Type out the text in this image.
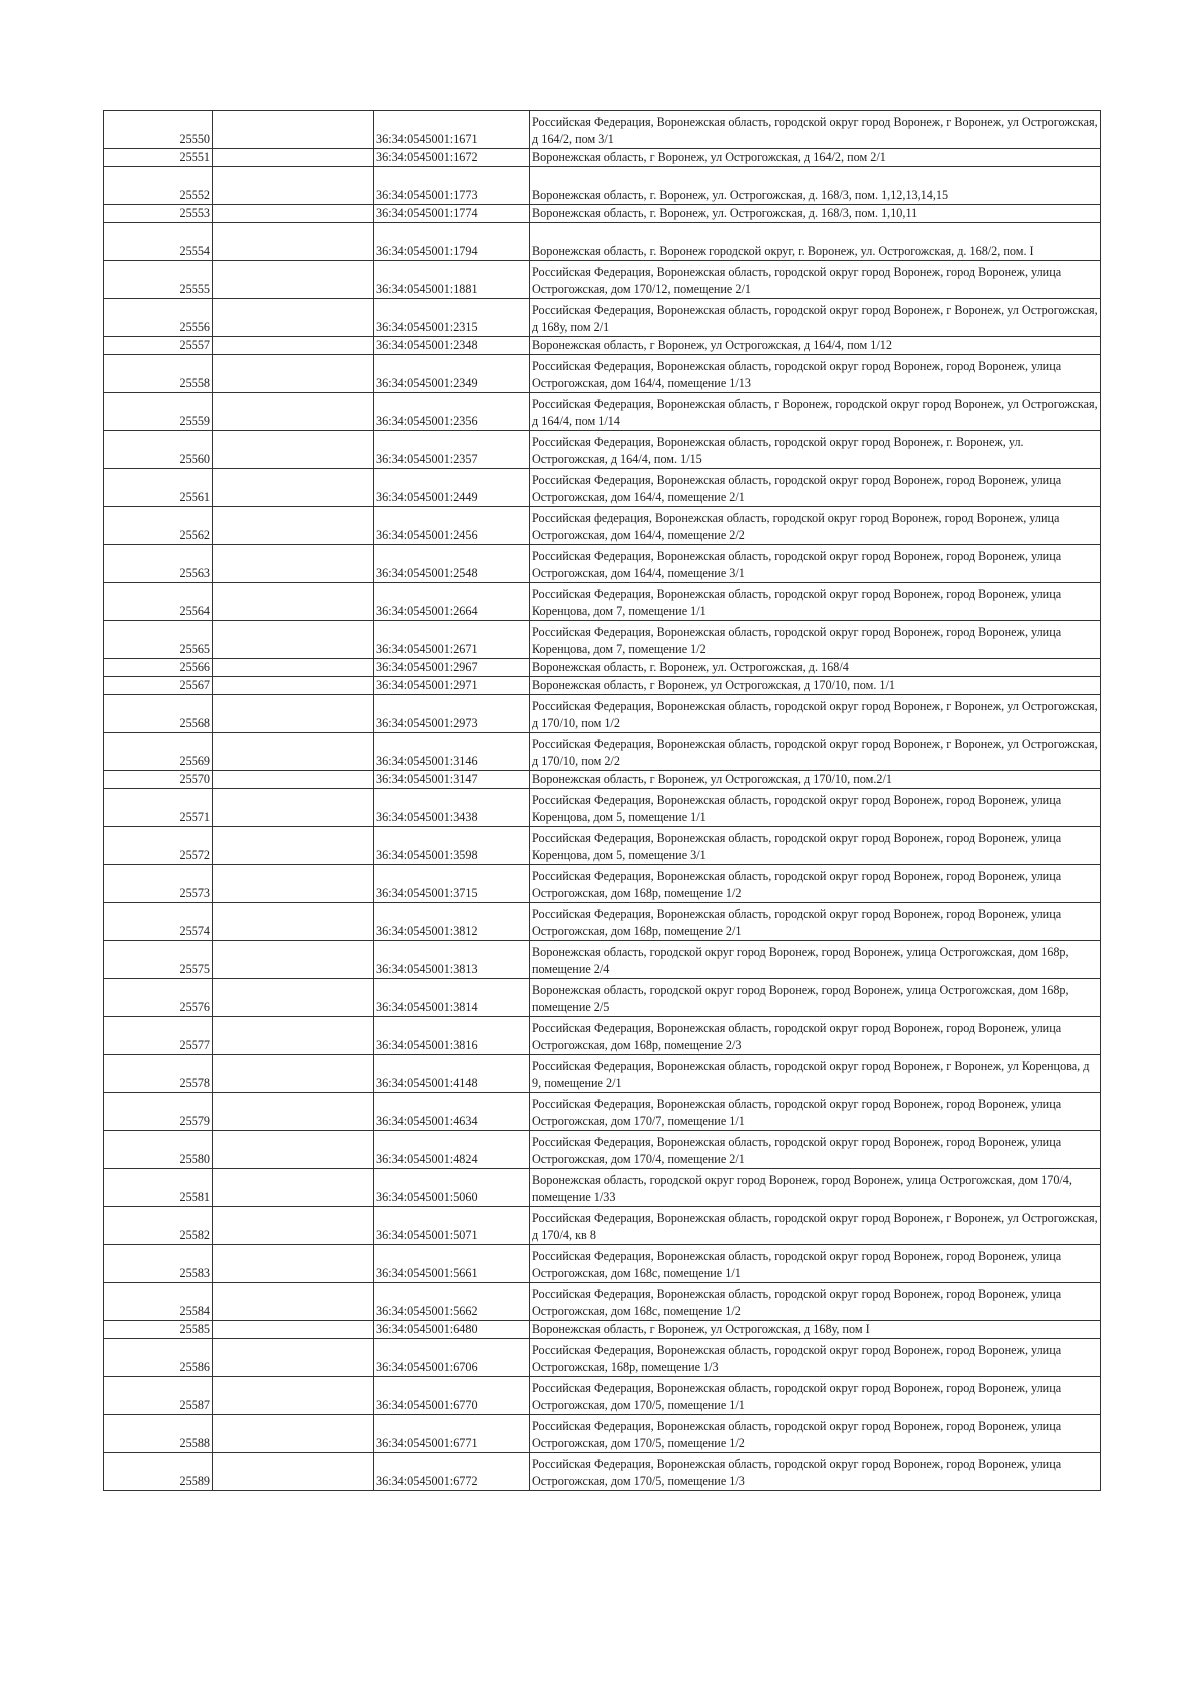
25550		36:34:0545001:1671	Российская Федерация, Воронежская область, городской округ город Воронеж, г Воронеж, ул Острогожская, д 164/2, пом 3/1
25551		36:34:0545001:1672	Воронежская область, г Воронеж, ул Острогожская, д 164/2, пом 2/1
25552		36:34:0545001:1773	Воронежская область, г. Воронеж, ул. Острогожская, д. 168/3, пом. 1,12,13,14,15
25553		36:34:0545001:1774	Воронежская область, г. Воронеж, ул. Острогожская, д. 168/3, пом. 1,10,11
25554		36:34:0545001:1794	Воронежская область, г. Воронеж городской округ, г. Воронеж, ул. Острогожская, д. 168/2, пом. I
25555		36:34:0545001:1881	Российская Федерация, Воронежская область, городской округ город Воронеж, город Воронеж, улица Острогожская, дом 170/12, помещение 2/1
25556		36:34:0545001:2315	Российская Федерация, Воронежская область, городской округ город Воронеж, г Воронеж, ул Острогожская, д 168у, пом 2/1
25557		36:34:0545001:2348	Воронежская область, г Воронеж, ул Острогожская, д 164/4, пом 1/12
25558		36:34:0545001:2349	Российская Федерация, Воронежская область, городской округ город Воронеж, город Воронеж, улица Острогожская, дом 164/4, помещение 1/13
25559		36:34:0545001:2356	Российская Федерация, Воронежская область, г Воронеж, городской округ город Воронеж, ул Острогожская, д 164/4, пом 1/14
25560		36:34:0545001:2357	Российская Федерация, Воронежская область, городской округ город Воронеж, г. Воронеж, ул. Острогожская, д 164/4, пом. 1/15
25561		36:34:0545001:2449	Российская Федерация, Воронежская область, городской округ город Воронеж, город Воронеж, улица Острогожская, дом 164/4, помещение 2/1
25562		36:34:0545001:2456	Российская федерация, Воронежская область, городской округ город Воронеж, город Воронеж, улица Острогожская, дом 164/4, помещение 2/2
25563		36:34:0545001:2548	Российская Федерация, Воронежская область, городской округ город Воронеж, город Воронеж, улица Острогожская, дом 164/4, помещение 3/1
25564		36:34:0545001:2664	Российская Федерация, Воронежская область, городской округ город Воронеж, город Воронеж, улица Коренцова, дом 7, помещение 1/1
25565		36:34:0545001:2671	Российская Федерация, Воронежская область, городской округ город Воронеж, город Воронеж, улица Коренцова, дом 7, помещение 1/2
25566		36:34:0545001:2967	Воронежская область, г. Воронеж, ул. Острогожская, д. 168/4
25567		36:34:0545001:2971	Воронежская область, г Воронеж, ул Острогожская, д 170/10, пом. 1/1
25568		36:34:0545001:2973	Российская Федерация, Воронежская область, городской округ город Воронеж, г Воронеж, ул Острогожская, д 170/10, пом 1/2
25569		36:34:0545001:3146	Российская Федерация, Воронежская область, городской округ город Воронеж, г Воронеж, ул Острогожская, д 170/10, пом 2/2
25570		36:34:0545001:3147	Воронежская область, г Воронеж, ул Острогожская, д 170/10, пом.2/1
25571		36:34:0545001:3438	Российская Федерация, Воронежская область, городской округ город Воронеж, город Воронеж, улица Коренцова, дом 5, помещение 1/1
25572		36:34:0545001:3598	Российская Федерация, Воронежская область, городской округ город Воронеж, город Воронеж, улица Коренцова, дом 5, помещение 3/1
25573		36:34:0545001:3715	Российская Федерация, Воронежская область, городской округ город Воронеж, город Воронеж, улица Острогожская, дом 168р, помещение 1/2
25574		36:34:0545001:3812	Российская Федерация, Воронежская область, городской округ город Воронеж, город Воронеж, улица Острогожская, дом 168р, помещение 2/1
25575		36:34:0545001:3813	Воронежская область, городской округ город Воронеж, город Воронеж, улица Острогожская, дом 168р, помещение 2/4
25576		36:34:0545001:3814	Воронежская область, городской округ город Воронеж, город Воронеж, улица Острогожская, дом 168р, помещение 2/5
25577		36:34:0545001:3816	Российская Федерация, Воронежская область, городской округ город Воронеж, город Воронеж, улица Острогожская, дом 168р, помещение 2/3
25578		36:34:0545001:4148	Российская Федерация, Воронежская область, городской округ город Воронеж, г Воронеж, ул Коренцова, д 9, помещение 2/1
25579		36:34:0545001:4634	Российская Федерация, Воронежская область, городской округ город Воронеж, город Воронеж, улица Острогожская, дом 170/7, помещение 1/1
25580		36:34:0545001:4824	Российская Федерация, Воронежская область, городской округ город Воронеж, город Воронеж, улица Острогожская, дом 170/4, помещение 2/1
25581		36:34:0545001:5060	Воронежская область, городской округ город Воронеж, город Воронеж, улица Острогожская, дом 170/4, помещение 1/33
25582		36:34:0545001:5071	Российская Федерация, Воронежская область, городской округ город Воронеж, г Воронеж, ул Острогожская, д 170/4, кв 8
25583		36:34:0545001:5661	Российская Федерация, Воронежская область, городской округ город Воронеж, город Воронеж, улица Острогожская, дом 168с, помещение 1/1
25584		36:34:0545001:5662	Российская Федерация, Воронежская область, городской округ город Воронеж, город Воронеж, улица Острогожская, дом 168с, помещение 1/2
25585		36:34:0545001:6480	Воронежская область, г Воронеж, ул Острогожская, д 168у, пом I
25586		36:34:0545001:6706	Российская Федерация, Воронежская область, городской округ город Воронеж, город Воронеж, улица Острогожская, 168р, помещение 1/3
25587		36:34:0545001:6770	Российская Федерация, Воронежская область, городской округ город Воронеж, город Воронеж, улица Острогожская, дом 170/5, помещение 1/1
25588		36:34:0545001:6771	Российская Федерация, Воронежская область, городской округ город Воронеж, город Воронеж, улица Острогожская, дом 170/5, помещение 1/2
25589		36:34:0545001:6772	Российская Федерация, Воронежская область, городской округ город Воронеж, город Воронеж, улица Острогожская, дом 170/5, помещение 1/3
